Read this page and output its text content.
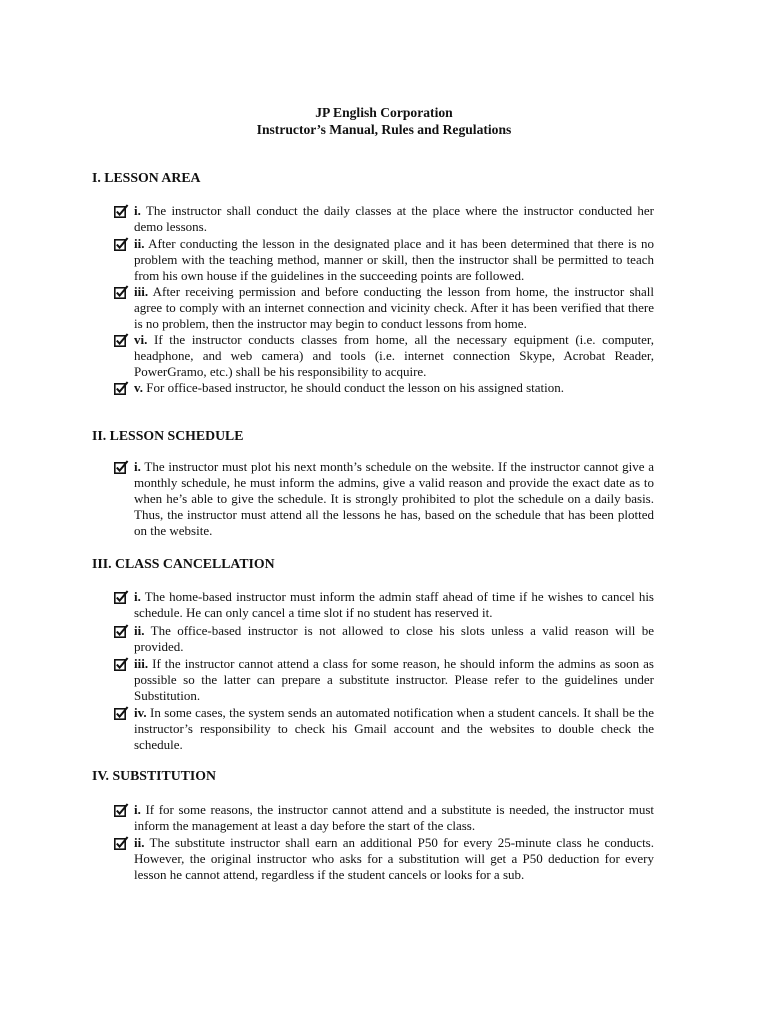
JP English Corporation
Instructor’s Manual, Rules and Regulations
I. LESSON AREA
i. The instructor shall conduct the daily classes at the place where the instructor conducted her demo lessons.
ii. After conducting the lesson in the designated place and it has been determined that there is no problem with the teaching method, manner or skill, then the instructor shall be permitted to teach from his own house if the guidelines in the succeeding points are followed.
iii. After receiving permission and before conducting the lesson from home, the instructor shall agree to comply with an internet connection and vicinity check. After it has been verified that there is no problem, then the instructor may begin to conduct lessons from home.
vi. If the instructor conducts classes from home, all the necessary equipment (i.e. computer, headphone, and web camera) and tools (i.e. internet connection Skype, Acrobat Reader, PowerGramo, etc.) shall be his responsibility to acquire.
v. For office-based instructor, he should conduct the lesson on his assigned station.
II. LESSON SCHEDULE
i. The instructor must plot his next month’s schedule on the website. If the instructor cannot give a monthly schedule, he must inform the admins, give a valid reason and provide the exact date as to when he’s able to give the schedule. It is strongly prohibited to plot the schedule on a daily basis. Thus, the instructor must attend all the lessons he has, based on the schedule that has been plotted on the website.
III. CLASS CANCELLATION
i. The home-based instructor must inform the admin staff ahead of time if he wishes to cancel his schedule. He can only cancel a time slot if no student has reserved it.
ii. The office-based instructor is not allowed to close his slots unless a valid reason will be provided.
iii. If the instructor cannot attend a class for some reason, he should inform the admins as soon as possible so the latter can prepare a substitute instructor. Please refer to the guidelines under Substitution.
iv. In some cases, the system sends an automated notification when a student cancels. It shall be the instructor’s responsibility to check his Gmail account and the websites to double check the schedule.
IV. SUBSTITUTION
i. If for some reasons, the instructor cannot attend and a substitute is needed, the instructor must inform the management at least a day before the start of the class.
ii. The substitute instructor shall earn an additional P50 for every 25-minute class he conducts. However, the original instructor who asks for a substitution will get a P50 deduction for every lesson he cannot attend, regardless if the student cancels or looks for a sub.
